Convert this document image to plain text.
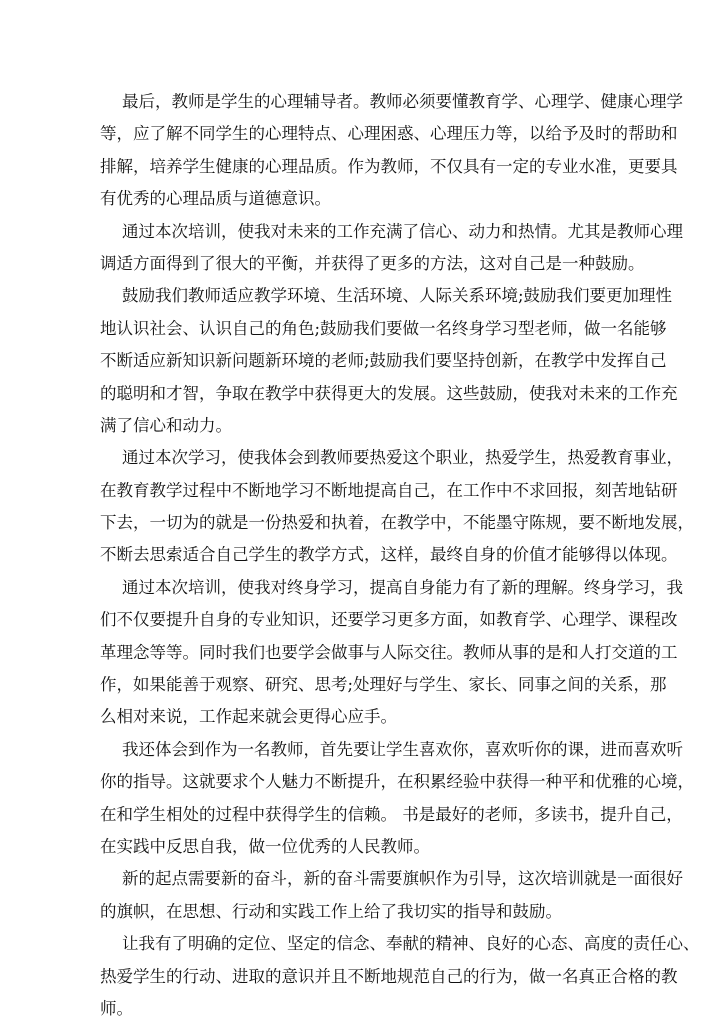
最后，教师是学生的心理辅导者。教师必须要懂教育学、心理学、健康心理学
等，应了解不同学生的心理特点、心理困惑、心理压力等，以给予及时的帮助和
排解，培养学生健康的心理品质。作为教师，不仅具有一定的专业水准，更要具
有优秀的心理品质与道德意识。
通过本次培训，使我对未来的工作充满了信心、动力和热情。尤其是教师心理
调适方面得到了很大的平衡，并获得了更多的方法，这对自己是一种鼓励。
鼓励我们教师适应教学环境、生活环境、人际关系环境;鼓励我们要更加理性
地认识社会、认识自己的角色;鼓励我们要做一名终身学习型老师，做一名能够
不断适应新知识新问题新环境的老师;鼓励我们要坚持创新，在教学中发挥自己
的聪明和才智，争取在教学中获得更大的发展。这些鼓励，使我对未来的工作充
满了信心和动力。
通过本次学习，使我体会到教师要热爱这个职业，热爱学生，热爱教育事业，
在教育教学过程中不断地学习不断地提高自己，在工作中不求回报，刻苦地钻研
下去，一切为的就是一份热爱和执着，在教学中，不能墨守陈规，要不断地发展，
不断去思索适合自己学生的教学方式，这样，最终自身的价值才能够得以体现。
通过本次培训，使我对终身学习，提高自身能力有了新的理解。终身学习，我
们不仅要提升自身的专业知识，还要学习更多方面，如教育学、心理学、课程改
革理念等等。同时我们也要学会做事与人际交往。教师从事的是和人打交道的工
作，如果能善于观察、研究、思考;处理好与学生、家长、同事之间的关系，那
么相对来说，工作起来就会更得心应手。
我还体会到作为一名教师，首先要让学生喜欢你，喜欢听你的课，进而喜欢听
你的指导。这就要求个人魅力不断提升，在积累经验中获得一种平和优雅的心境，
在和学生相处的过程中获得学生的信赖。 书是最好的老师，多读书，提升自己，
在实践中反思自我，做一位优秀的人民教师。
新的起点需要新的奋斗，新的奋斗需要旗帜作为引导，这次培训就是一面很好
的旗帜，在思想、行动和实践工作上给了我切实的指导和鼓励。
让我有了明确的定位、坚定的信念、奉献的精神、良好的心态、高度的责任心、
热爱学生的行动、进取的意识并且不断地规范自己的行为，做一名真正合格的教
师。
